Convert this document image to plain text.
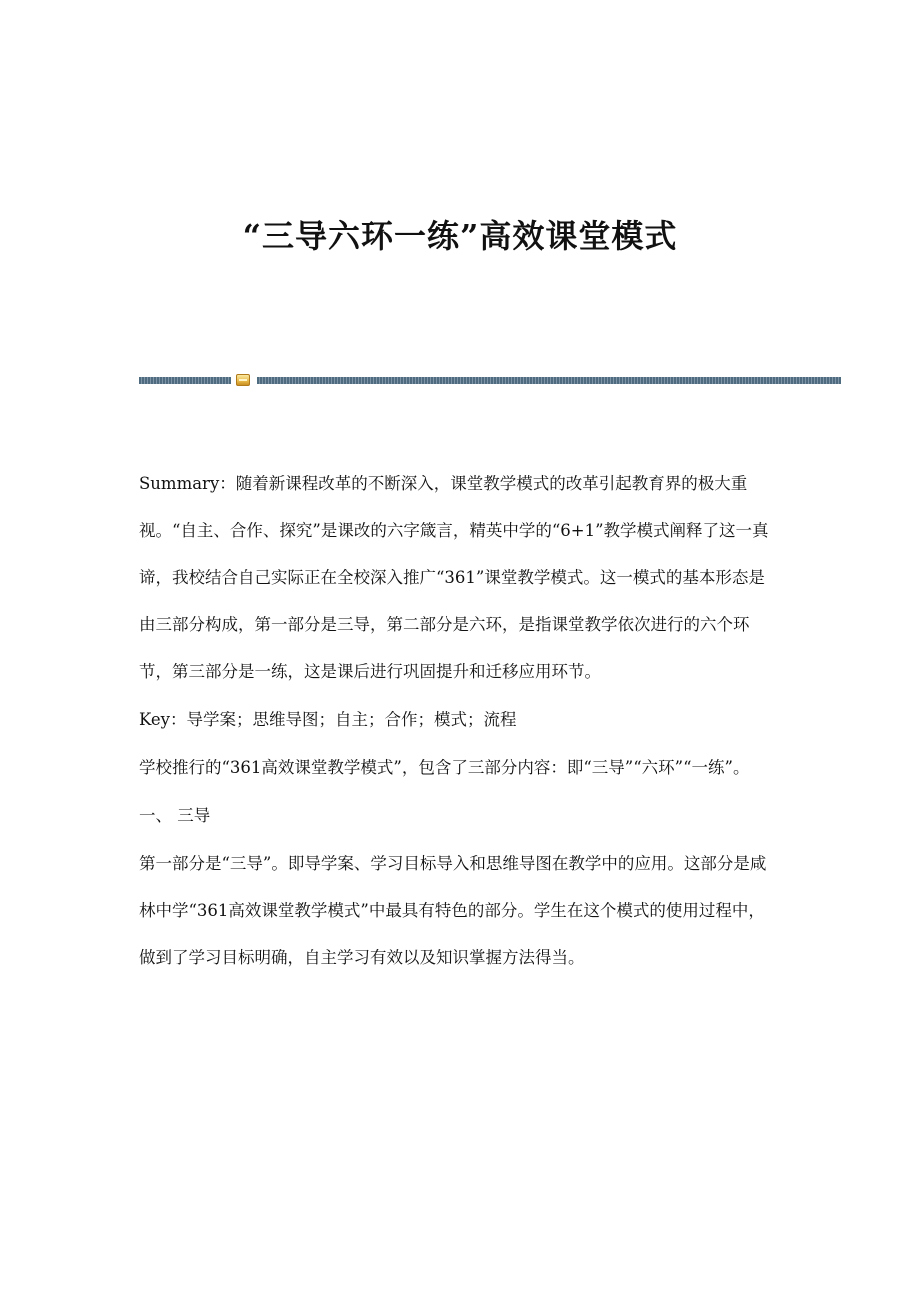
“三导六环一练”高效课堂模式

Summary：随着新课程改革的不断深入，课堂教学模式的改革引起教育界的极大重视。“自主、合作、探究”是课改的六字箴言，精英中学的“6+1”教学模式阐释了这一真谛，我校结合自己实际正在全校深入推广“361”课堂教学模式。这一模式的基本形态是由三部分构成，第一部分是三导，第二部分是六环，是指课堂教学依次进行的六个环节，第三部分是一练，这是课后进行巩固提升和迁移应用环节。

Key：导学案；思维导图；自主；合作；模式；流程

学校推行的“361高效课堂教学模式”，包含了三部分内容：即“三导”“六环”“一练”。

一、 三导

第一部分是“三导”。即导学案、学习目标导入和思维导图在教学中的应用。这部分是咸林中学“361高效课堂教学模式”中最具有特色的部分。学生在这个模式的使用过程中，做到了学习目标明确，自主学习有效以及知识掌握方法得当。
